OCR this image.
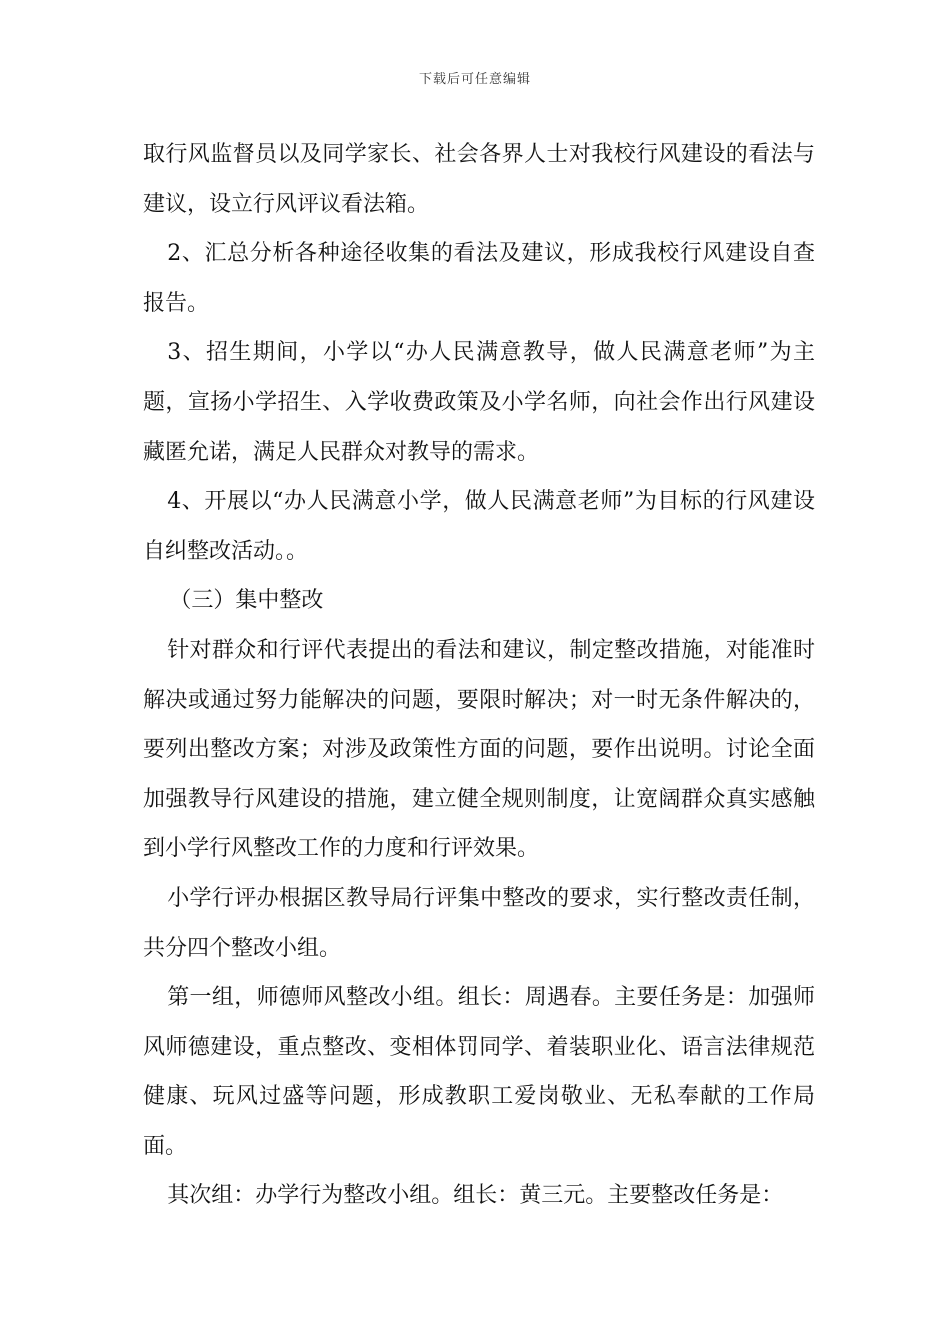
下载后可任意编辑

取行风监督员以及同学家长、社会各界人士对我校行风建设的看法与建议，设立行风评议看法箱。

2、汇总分析各种途径收集的看法及建议，形成我校行风建设自查报告。

3、招生期间，小学以“办人民满意教导，做人民满意老师”为主题，宣扬小学招生、入学收费政策及小学名师，向社会作出行风建设藏匿允诺，满足人民群众对教导的需求。

4、开展以“办人民满意小学，做人民满意老师”为目标的行风建设自纠整改活动。。

（三）集中整改

针对群众和行评代表提出的看法和建议，制定整改措施，对能准时解决或通过努力能解决的问题，要限时解决；对一时无条件解决的，要列出整改方案；对涉及政策性方面的问题，要作出说明。讨论全面加强教导行风建设的措施，建立健全规则制度，让宽阔群众真实感触到小学行风整改工作的力度和行评效果。

小学行评办根据区教导局行评集中整改的要求，实行整改责任制，共分四个整改小组。

第一组，师德师风整改小组。组长：周遇春。主要任务是：加强师风师德建设，重点整改、变相体罚同学、着装职业化、语言法律规范健康、玩风过盛等问题，形成教职工爱岗敬业、无私奉献的工作局面。

其次组：办学行为整改小组。组长：黄三元。主要整改任务是：
